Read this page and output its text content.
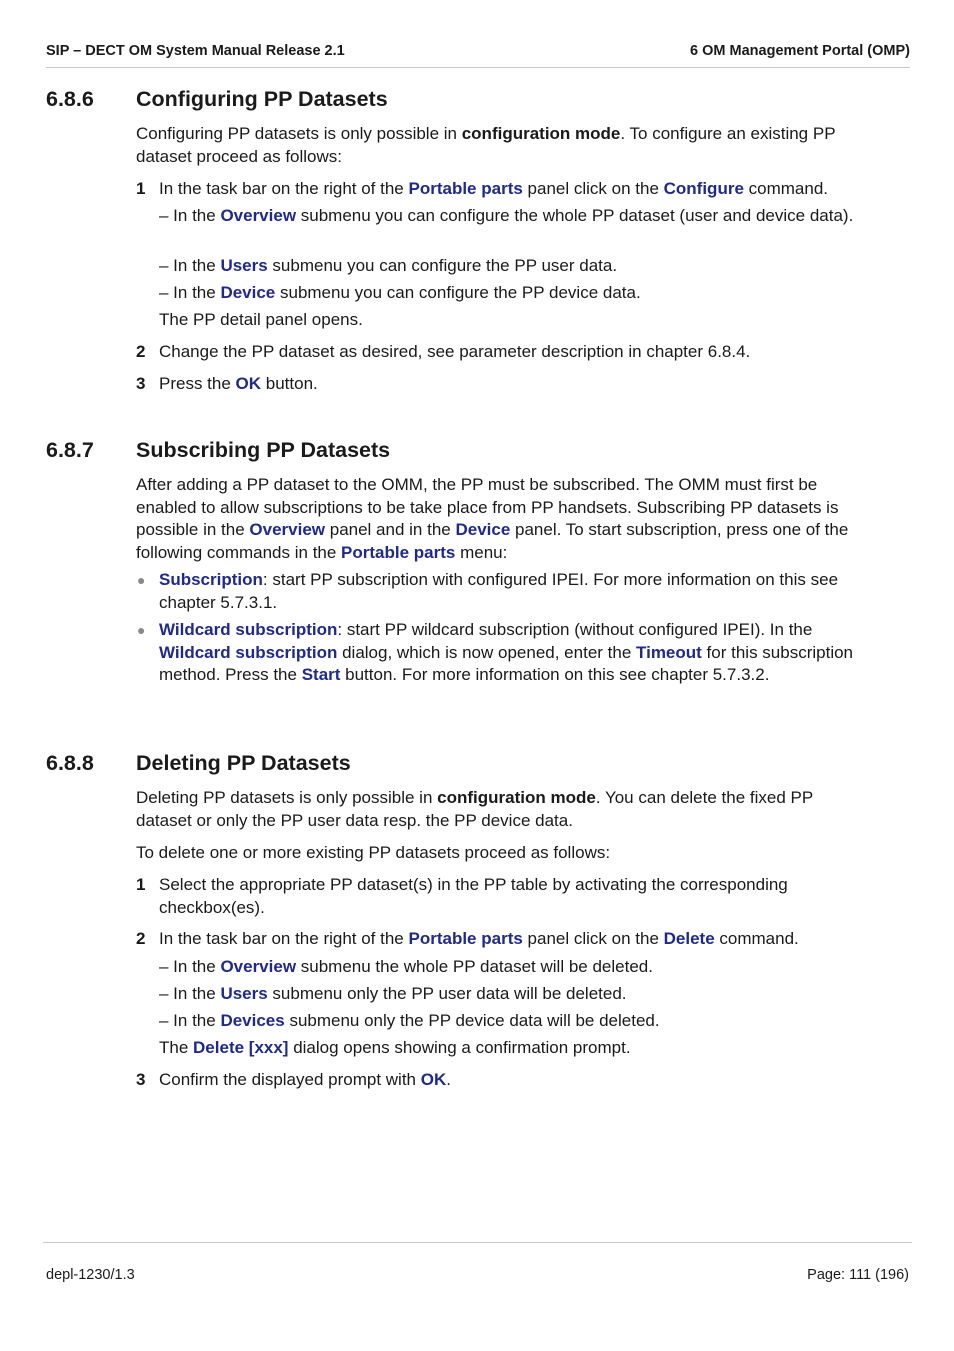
SIP – DECT OM System Manual Release 2.1	6 OM Management Portal (OMP)
6.8.6 Configuring PP Datasets
Configuring PP datasets is only possible in configuration mode. To configure an existing PP dataset proceed as follows:
1 In the task bar on the right of the Portable parts panel click on the Configure command.
– In the Overview submenu you can configure the whole PP dataset (user and device data).
– In the Users submenu you can configure the PP user data.
– In the Device submenu you can configure the PP device data.
The PP detail panel opens.
2 Change the PP dataset as desired, see parameter description in chapter 6.8.4.
3 Press the OK button.
6.8.7 Subscribing PP Datasets
After adding a PP dataset to the OMM, the PP must be subscribed. The OMM must first be enabled to allow subscriptions to be take place from PP handsets. Subscribing PP datasets is possible in the Overview panel and in the Device panel. To start subscription, press one of the following commands in the Portable parts menu:
● Subscription: start PP subscription with configured IPEI. For more information on this see chapter 5.7.3.1.
● Wildcard subscription: start PP wildcard subscription (without configured IPEI). In the Wildcard subscription dialog, which is now opened, enter the Timeout for this subscription method. Press the Start button. For more information on this see chapter 5.7.3.2.
6.8.8 Deleting PP Datasets
Deleting PP datasets is only possible in configuration mode. You can delete the fixed PP dataset or only the PP user data resp. the PP device data.
To delete one or more existing PP datasets proceed as follows:
1 Select the appropriate PP dataset(s) in the PP table by activating the corresponding checkbox(es).
2 In the task bar on the right of the Portable parts panel click on the Delete command.
– In the Overview submenu the whole PP dataset will be deleted.
– In the Users submenu only the PP user data will be deleted.
– In the Devices submenu only the PP device data will be deleted.
The Delete [xxx] dialog opens showing a confirmation prompt.
3 Confirm the displayed prompt with OK.
depl-1230/1.3	Page: 111 (196)
